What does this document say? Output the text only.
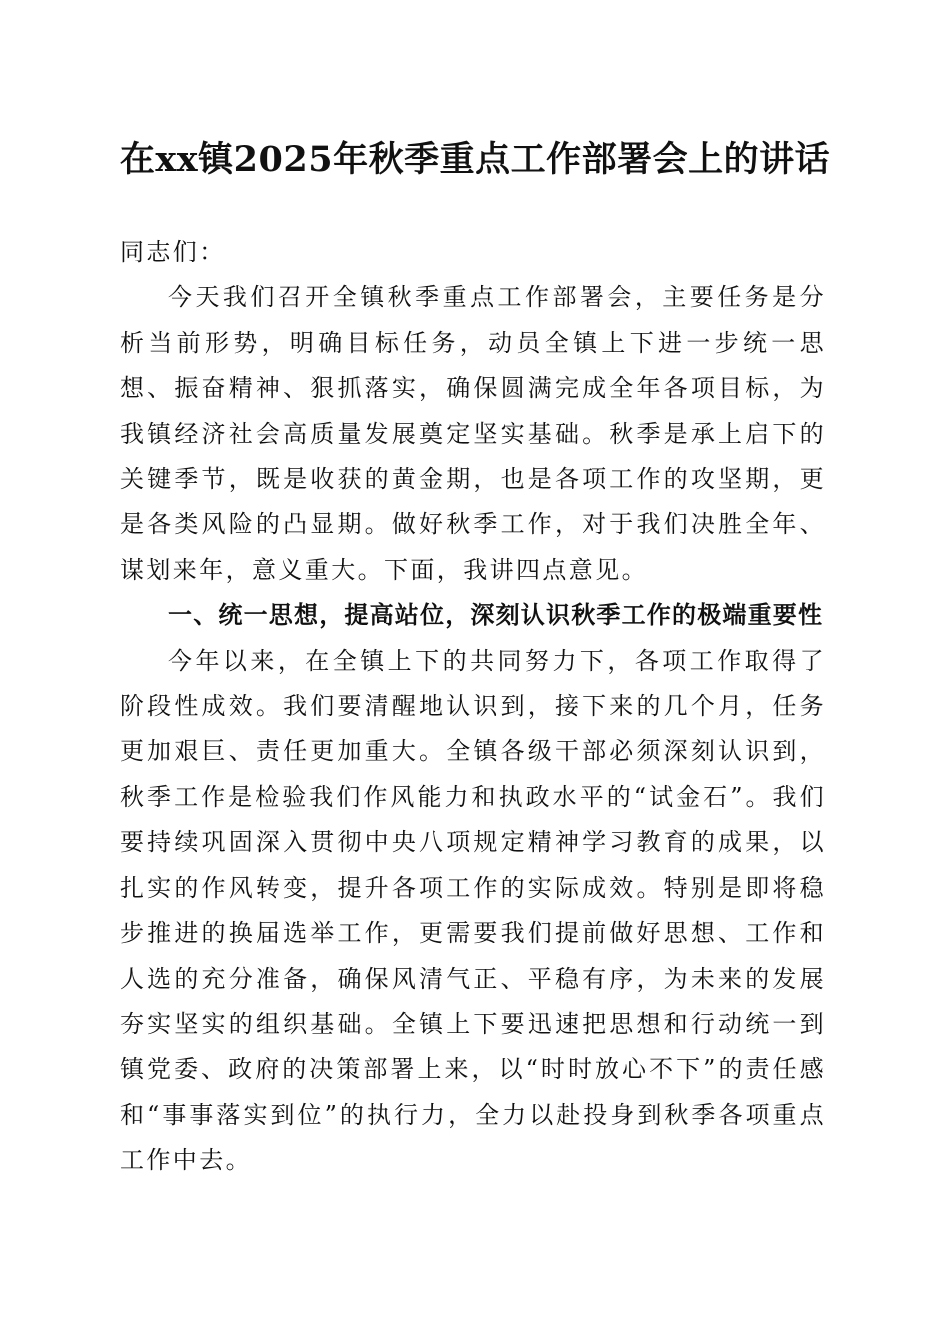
在xx镇2025年秋季重点工作部署会上的讲话

同志们：

今天我们召开全镇秋季重点工作部署会，主要任务是分析当前形势，明确目标任务，动员全镇上下进一步统一思想、振奋精神、狠抓落实，确保圆满完成全年各项目标，为我镇经济社会高质量发展奠定坚实基础。秋季是承上启下的关键季节，既是收获的黄金期，也是各项工作的攻坚期，更是各类风险的凸显期。做好秋季工作，对于我们决胜全年、谋划来年，意义重大。下面，我讲四点意见。

一、统一思想，提高站位，深刻认识秋季工作的极端重要性

今年以来，在全镇上下的共同努力下，各项工作取得了阶段性成效。我们要清醒地认识到，接下来的几个月，任务更加艰巨、责任更加重大。全镇各级干部必须深刻认识到，秋季工作是检验我们作风能力和执政水平的“试金石”。我们要持续巩固深入贯彻中央八项规定精神学习教育的成果，以扎实的作风转变，提升各项工作的实际成效。特别是即将稳步推进的换届选举工作，更需要我们提前做好思想、工作和人选的充分准备，确保风清气正、平稳有序，为未来的发展夯实坚实的组织基础。全镇上下要迅速把思想和行动统一到镇党委、政府的决策部署上来，以“时时放心不下”的责任感和“事事落实到位”的执行力，全力以赴投身到秋季各项重点工作中去。
